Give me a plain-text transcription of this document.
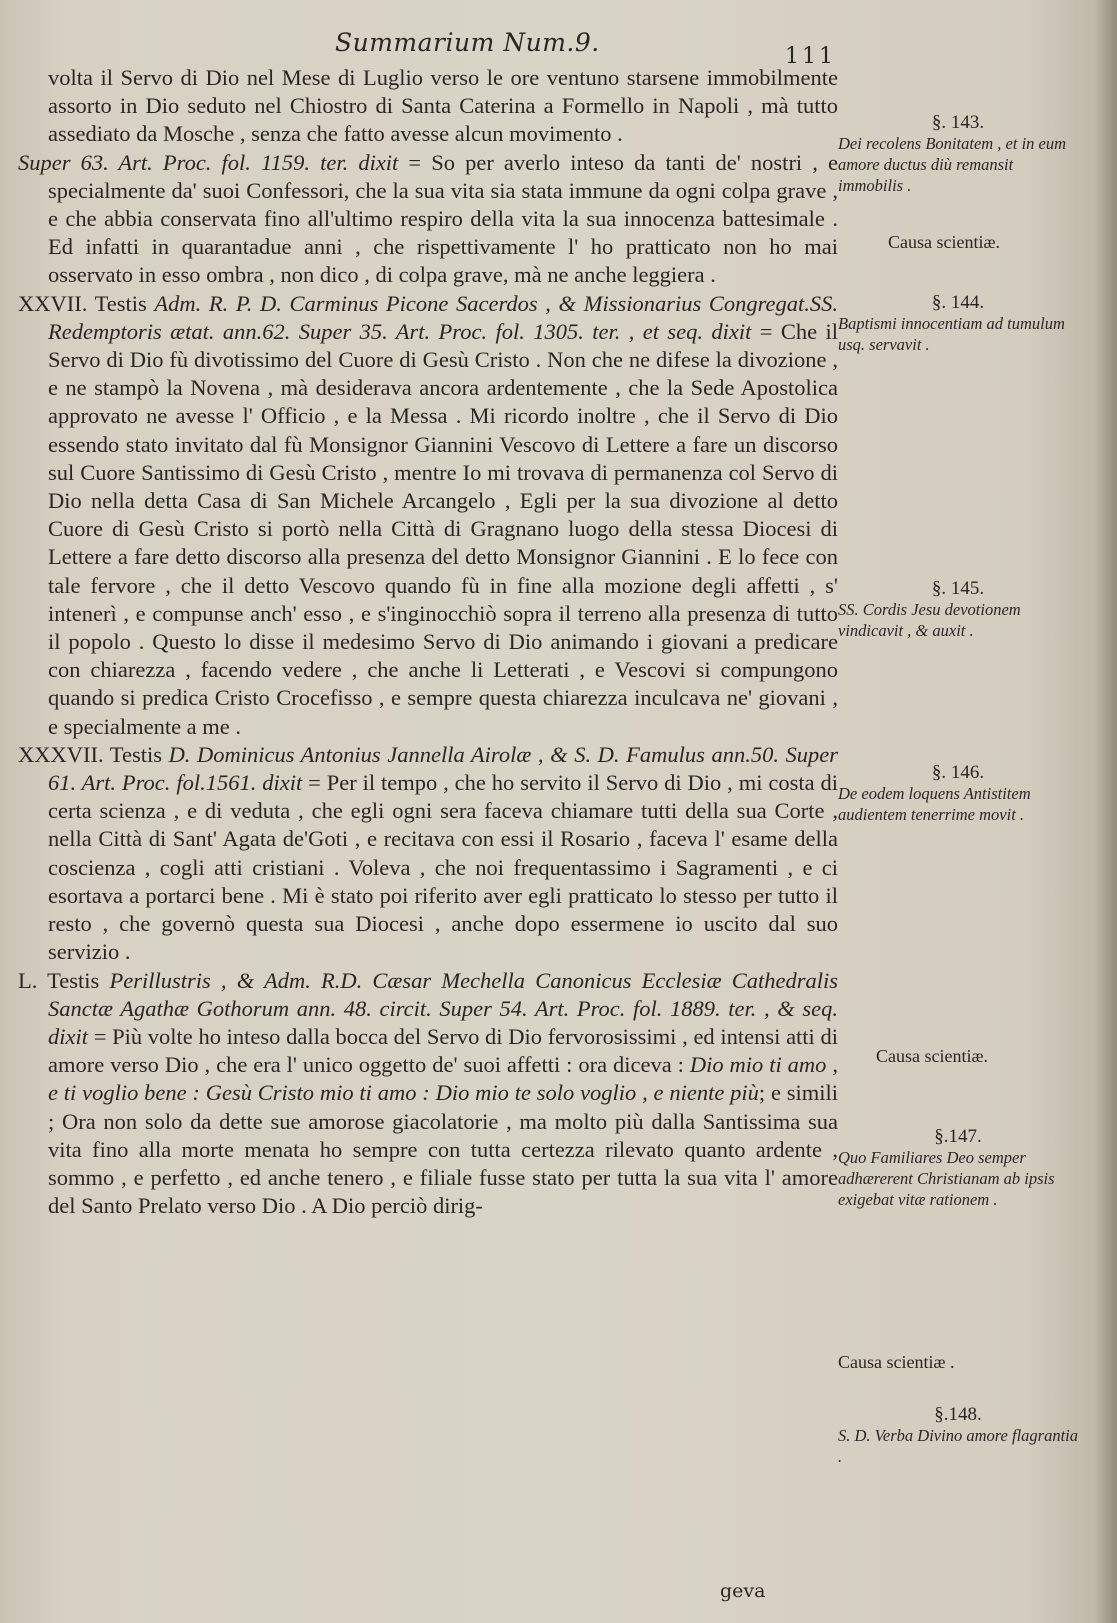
Summarium Num.9.	111

volta il Servo di Dio nel Mese di Luglio verso le ore ventuno starsene immobilmente assorto in Dio seduto nel Chiostro di Santa Caterina a Formello in Napoli , mà tutto assediato da Mosche , senza che fatto avesse alcun movimento .

Super 63. Art. Proc. fol. 1159. ter. dixit = So per averlo inteso da tanti de' nostri , e specialmente da' suoi Confessori, che la sua vita sia stata immune da ogni colpa grave , e che abbia conservata fino all'ultimo respiro della vita la sua innocenza battesimale . Ed infatti in quarantadue anni , che rispettivamente l' ho pratticato non ho mai osservato in esso ombra , non dico , di colpa grave, mà ne anche leggiera .

XXVII. Testis Adm. R. P. D. Carminus Picone Sacerdos , & Missionarius Congregat.SS. Redemptoris ætat. ann.62. Super 35. Art. Proc. fol. 1305. ter. , et seq. dixit = Che il Servo di Dio fù divotissimo del Cuore di Gesù Cristo . Non che ne difese la divozione , e ne stampò la Novena , mà desiderava ancora ardentemente , che la Sede Apostolica approvato ne avesse l' Officio , e la Messa . Mi ricordo inoltre , che il Servo di Dio essendo stato invitato dal fù Monsignor Giannini Vescovo di Lettere a fare un discorso sul Cuore Santissimo di Gesù Cristo , mentre Io mi trovava di permanenza col Servo di Dio nella detta Casa di San Michele Arcangelo , Egli per la sua divozione al detto Cuore di Gesù Cristo si portò nella Città di Gragnano luogo della stessa Diocesi di Lettere a fare detto discorso alla presenza del detto Monsignor Giannini . E lo fece con tale fervore , che il detto Vescovo quando fù in fine alla mozione degli affetti , s' intenerì , e compunse anch' esso , e s'inginocchiò sopra il terreno alla presenza di tutto il popolo . Questo lo disse il medesimo Servo di Dio animando i giovani a predicare con chiarezza , facendo vedere , che anche li Letterati , e Vescovi si compungono quando si predica Cristo Crocefisso , e sempre questa chiarezza inculcava ne' giovani , e specialmente a me .

XXXVII. Testis D. Dominicus Antonius Jannella Airolæ , & S. D. Famulus ann.50. Super 61. Art. Proc. fol.1561. dixit = Per il tempo , che ho servito il Servo di Dio , mi costa di certa scienza , e di veduta , che egli ogni sera faceva chiamare tutti della sua Corte , nella Città di Sant' Agata de'Goti , e recitava con essi il Rosario , faceva l' esame della coscienza , cogli atti cristiani . Voleva , che noi frequentassimo i Sagramenti , e ci esortava a portarci bene . Mi è stato poi riferito aver egli pratticato lo stesso per tutto il resto , che governò questa sua Diocesi , anche dopo essermene io uscito dal suo servizio .

L. Testis Perillustris , & Adm. R.D. Cæsar Mechella Canonicus Ecclesiæ Cathedralis Sanctæ Agathæ Gothorum ann. 48. circit. Super 54. Art. Proc. fol. 1889. ter. , & seq. dixit = Più volte ho inteso dalla bocca del Servo di Dio fervorosissimi , ed intensi atti di amore verso Dio , che era l' unico oggetto de' suoi affetti : ora diceva : Dio mio ti amo , e ti voglio bene : Gesù Cristo mio ti amo : Dio mio te solo voglio , e niente più; e simili ; Ora non solo da dette sue amorose giacolatorie , ma molto più dalla Santissima sua vita fino alla morte menata ho sempre con tutta certezza rilevato quanto ardente , sommo , e perfetto , ed anche tenero , e filiale fusse stato per tutta la sua vita l' amore del Santo Prelato verso Dio . A Dio perciò dirig-

§. 143.
Dei recolens Bonitatem , et in eum amore ductus diù remansit immobilis .
Causa scientiæ.
§. 144.
Baptismi innocentiam ad tumulum usq. servavit .
§. 145.
SS. Cordis Jesu devotionem vindicavit , & auxit .
§. 146.
De eodem loquens Antistitem audientem tenerrime movit .
Causa scientiæ.
§.147.
Quo Familiares Deo semper adhærerent Christianam ab ipsis exigebat vitæ rationem .
Causa scientiæ .
§.148.
S. D. Verba Divino amore flagrantia .
geva
